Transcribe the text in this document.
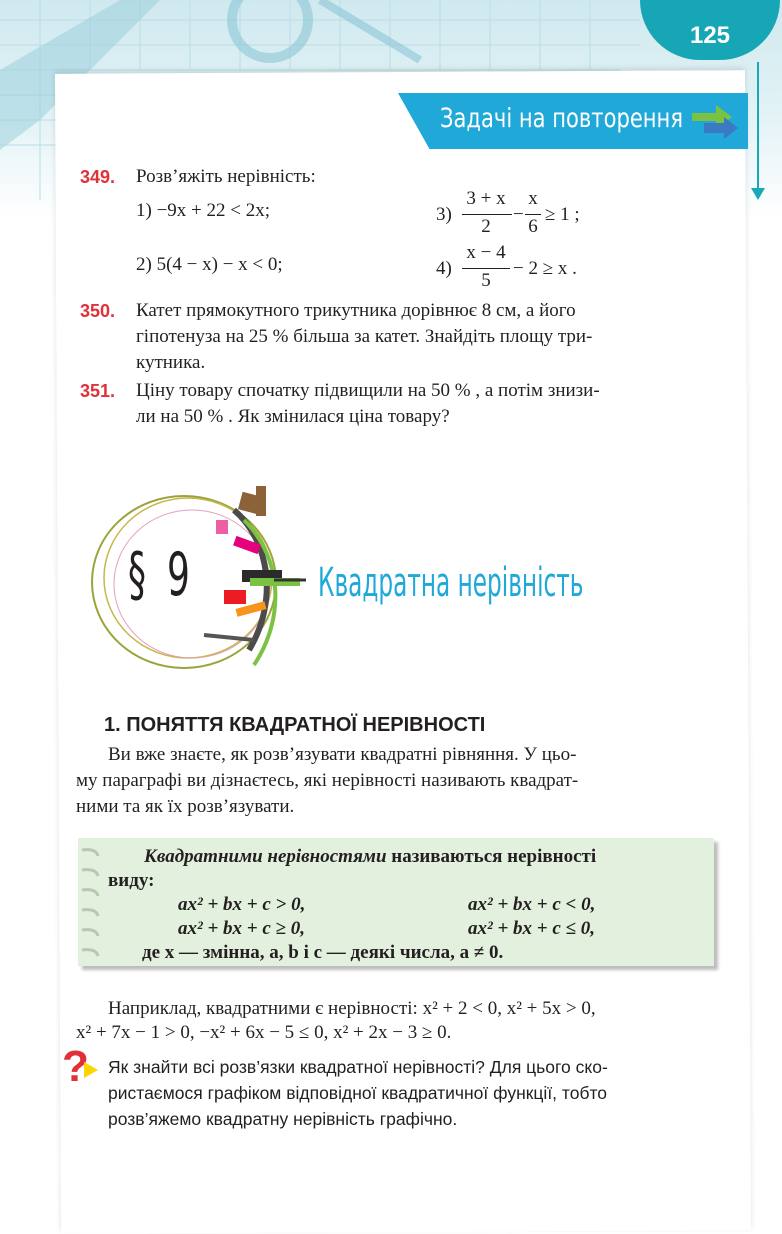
125
Задачі на повторення
349. Розв’яжіть нерівність:
1) −9x + 22 < 2x;
2) 5(4 − x) − x < 0;
3)
3 + x
2
−
x
6
≥ 1 ;
4)
x − 4
5
− 2 ≥ x .
350. Катет прямокутного трикутника дорівнює 8 см, а його
гіпотенуза на 25 % більша за катет. Знайдіть площу три-
кутника.
351. Ціну товару спочатку підвищили на 50 % , а потім знизи-
ли на 50 % . Як змінилася ціна товару?
§ 9	Квадратна нерівність
1. ПОНЯТТЯ КВАДРАТНОЇ НЕРІВНОСТІ
Ви вже знаєте, як розв’язувати квадратні рівняння. У цьо-
му параграфі ви дізнаєтесь, які нерівності називають квадрат-
ними та як їх розв’язувати.
Квадратними нерівностями називаються нерівності
виду:
ax² + bx + c > 0,	ax² + bx + c < 0,
ax² + bx + c ≥ 0,	ax² + bx + c ≤ 0,
де x — змінна, a, b і c — деякі числа, a ≠ 0.
Наприклад, квадратними є нерівності: x² + 2 < 0, x² + 5x > 0,
x² + 7x − 1 > 0, −x² + 6x − 5 ≤ 0, x² + 2x − 3 ≥ 0.
? Як знайти всі розв’язки квадратної нерівності? Для цього ско-
ристаємося графіком відповідної квадратичної функції, тобто
розв’яжемо квадратну нерівність графічно.
